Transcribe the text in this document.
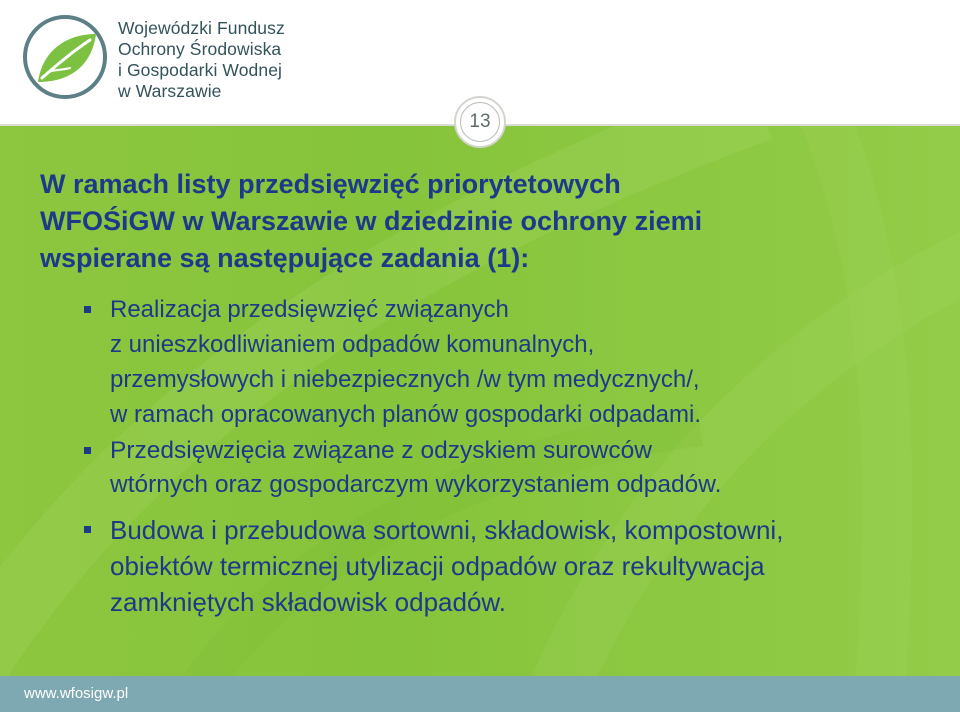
Wojewódzki Fundusz
Ochrony Środowiska
i Gospodarki Wodnej
w Warszawie
13
W ramach listy przedsięwzięć priorytetowych
WFOŚiGW w Warszawie w dziedzinie ochrony ziemi
wspierane są następujące zadania (1):
Realizacja przedsięwzięć związanych
z unieszkodliwianiem odpadów komunalnych,
przemysłowych i niebezpiecznych /w tym medycznych/,
w ramach opracowanych planów gospodarki odpadami.
Przedsięwzięcia związane z odzyskiem surowców
wtórnych oraz gospodarczym wykorzystaniem odpadów.
Budowa i przebudowa sortowni, składowisk, kompostowni,
obiektów termicznej utylizacji odpadów oraz rekultywacja
zamkniętych składowisk odpadów.
www.wfosigw.pl
